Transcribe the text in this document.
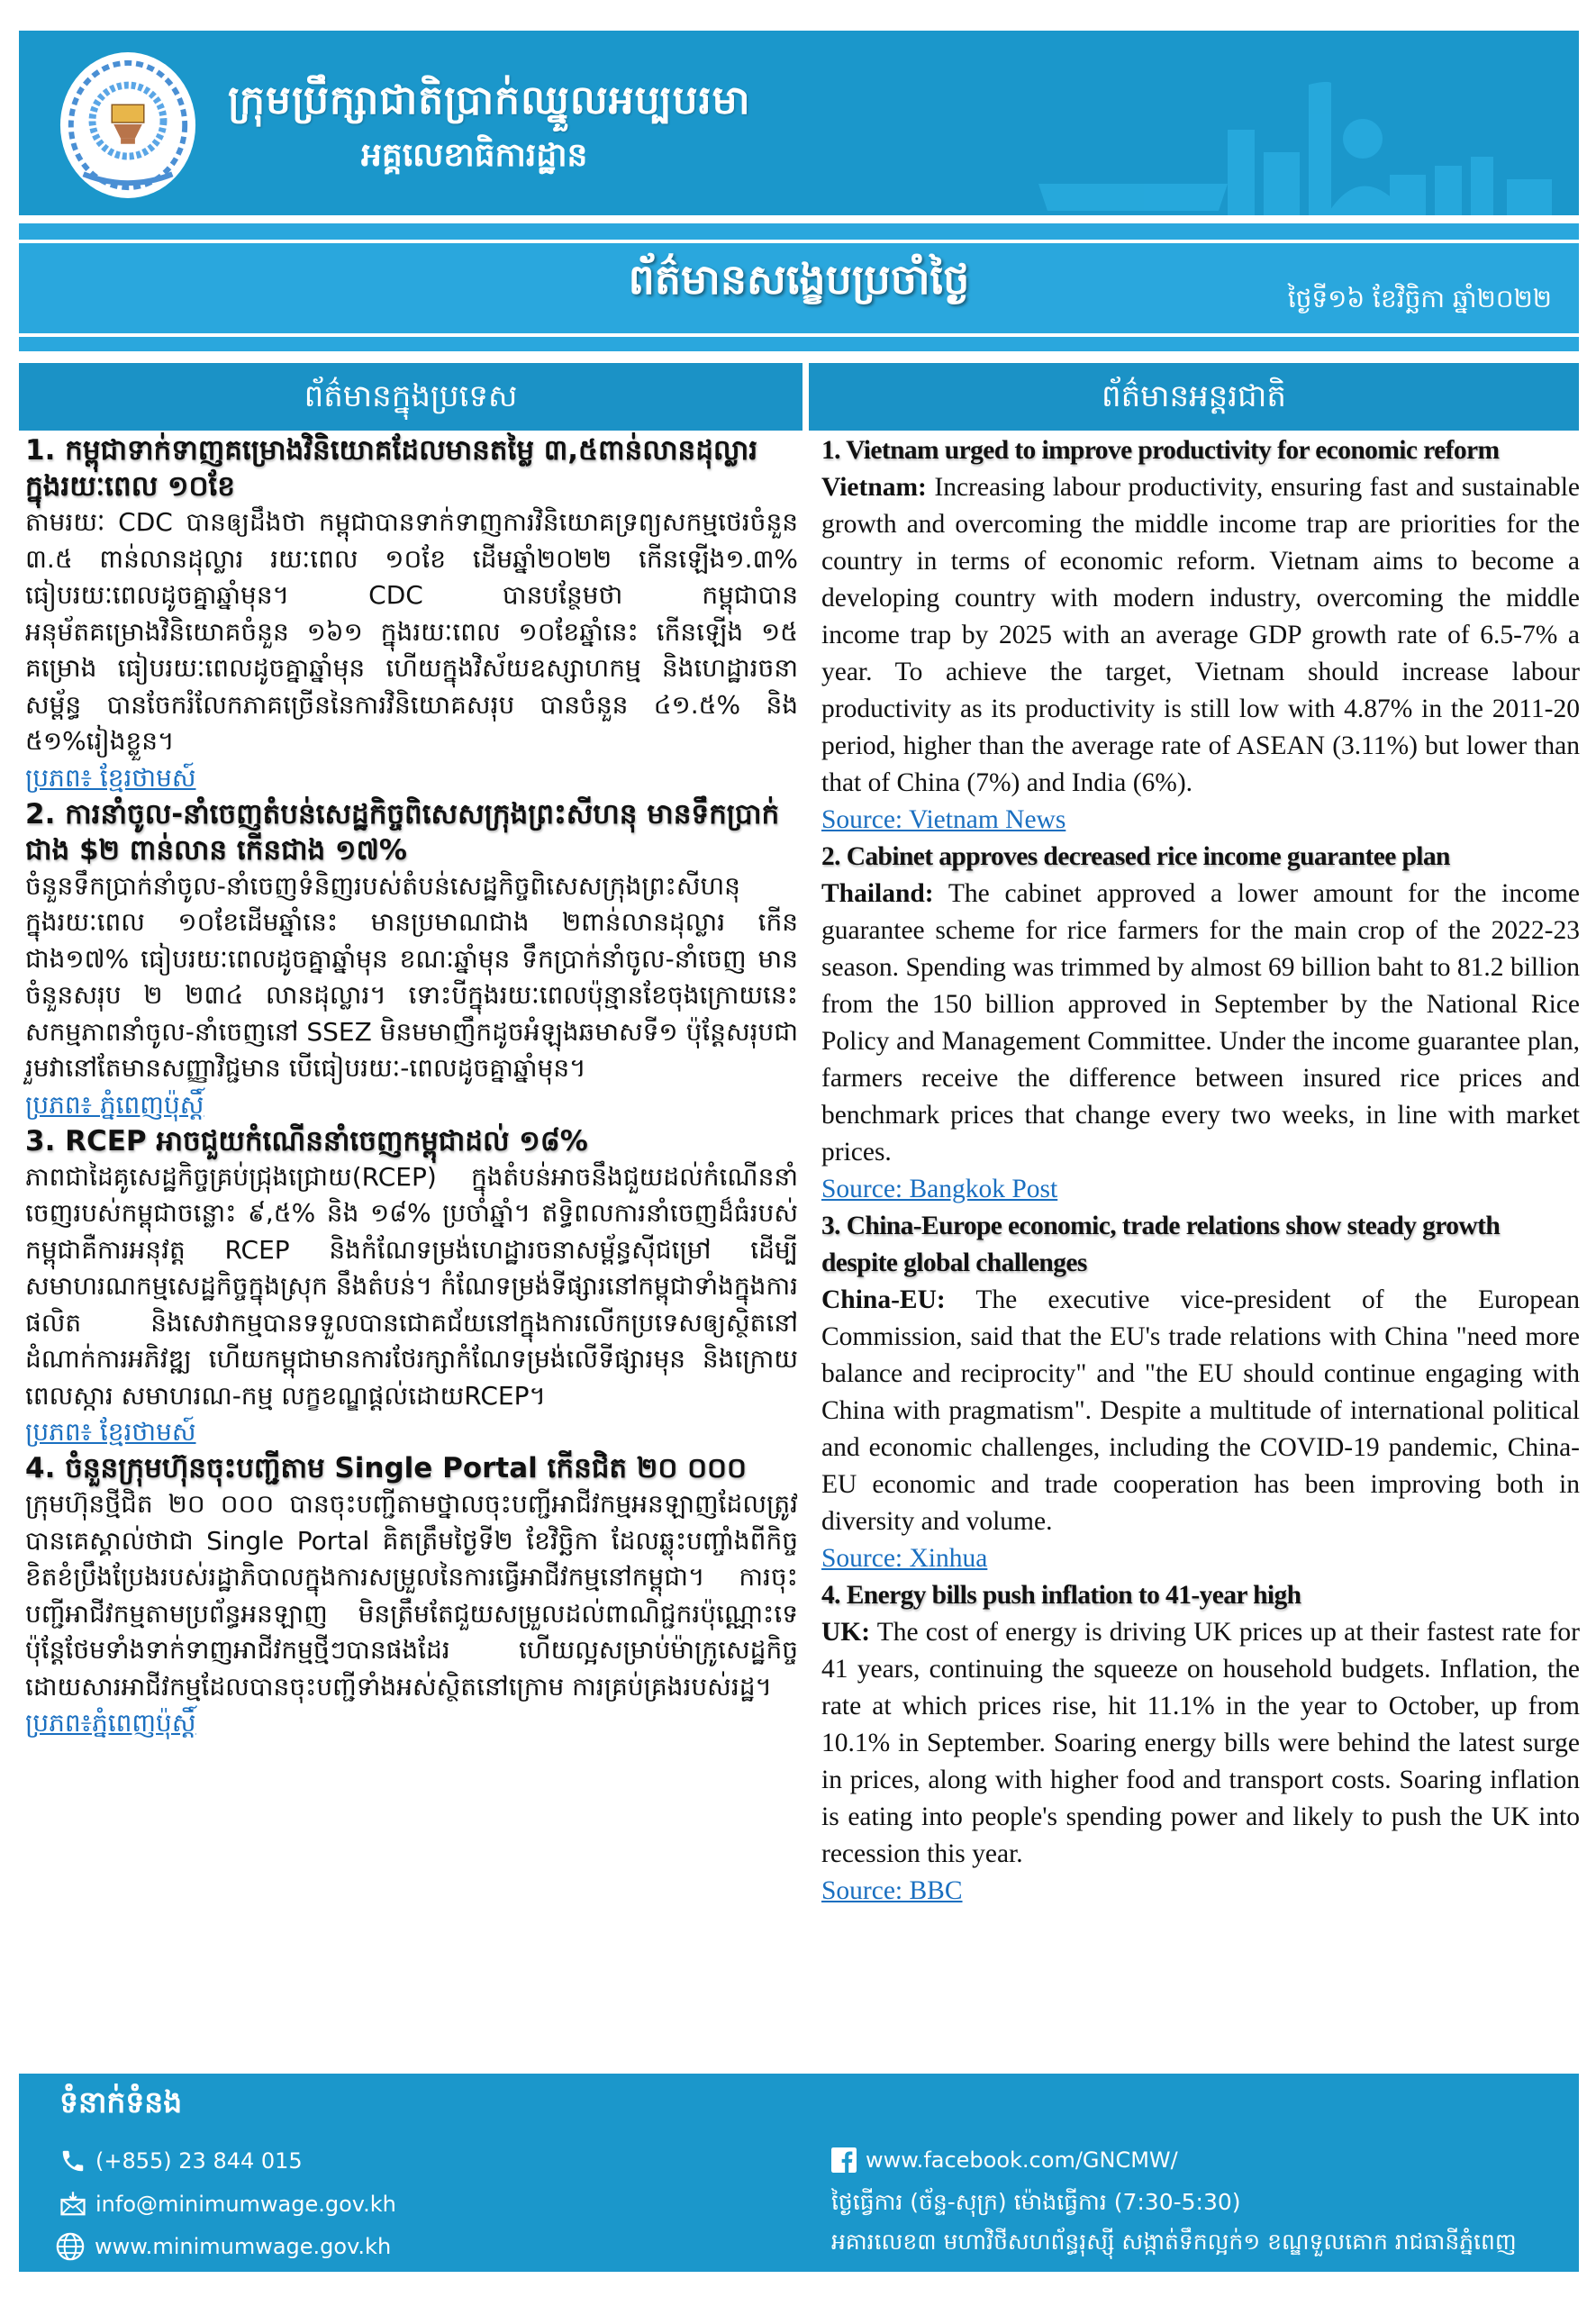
ក្រុមប្រឹក្សាជាតិប្រាក់ឈ្នួលអប្បបរមា
អគ្គលេខាធិការដ្ឋាន
ព័ត៌មានសង្ខេបប្រចាំថ្ងៃ	ថ្ងៃទី១៦ ខែវិច្ឆិកា ឆ្នាំ២០២២
ព័ត៌មានក្នុងប្រទេស	ព័ត៌មានអន្តរជាតិ

1. កម្ពុជាទាក់ទាញគម្រោងវិនិយោគដែលមានតម្លៃ ៣,៥ពាន់លានដុល្លារ ក្នុងរយៈពេល ១០ខែ

តាមរយៈ CDC បានឲ្យដឹងថា កម្ពុជាបានទាក់ទាញការវិនិយោគទ្រព្យសកម្មថេរចំនួន ៣.៥ ពាន់លានដុល្លារ រយៈពេល ១០ខែ ដើមឆ្នាំ២០២២ កើនឡើង១.៣% ធៀបរយៈពេលដូចគ្នាឆ្នាំមុន។ CDC បានបន្ថែមថា កម្ពុជាបានអនុម័តគម្រោងវិនិយោគចំនួន ១៦១ ក្នុងរយៈពេល ១០ខែឆ្នាំនេះ កើនឡើង ១៥ គម្រោង ធៀបរយៈពេលដូចគ្នាឆ្នាំមុន ហើយក្នុងវិស័យឧស្សាហកម្ម និងហេដ្ឋារចនាសម្ព័ន្ធ បានចែករំលែកភាគច្រើននៃការវិនិយោគសរុប បានចំនួន ៤១.៥% និង ៥១%រៀងខ្លួន។

ប្រភព៖ ខ្មែរថាមស៍

2. ការនាំចូល-នាំចេញតំបន់សេដ្ឋកិច្ចពិសេសក្រុងព្រះសីហនុ មានទឹកប្រាក់ជាង $២ ពាន់លាន កើនជាង ១៧%

ចំនួនទឹកប្រាក់នាំចូល-នាំចេញទំនិញរបស់តំបន់សេដ្ឋកិច្ចពិសេសក្រុងព្រះសីហនុ ក្នុងរយៈពេល ១០ខែដើមឆ្នាំនេះ មានប្រមាណជាង ២ពាន់លានដុល្លារ កើនជាង១៧% ធៀបរយៈពេលដូចគ្នាឆ្នាំមុន ខណៈឆ្នាំមុន ទឹកប្រាក់នាំចូល-នាំចេញ មានចំនួនសរុប ២ ២៣៤ លានដុល្លារ។ ទោះបីក្នុងរយៈពេលប៉ុន្មានខែចុងក្រោយនេះ សកម្មភាពនាំចូល-នាំចេញនៅ SSEZ មិនមមាញឹកដូចអំឡុងឆមាសទី១ ប៉ុន្តែសរុបជារួមវានៅតែមានសញ្ញាវិជ្ជមាន បើធៀបរយៈ-ពេលដូចគ្នាឆ្នាំមុន។

ប្រភព៖ ភ្នំពេញប៉ុស្តិ៍

3. RCEP អាចជួយកំណើននាំចេញកម្ពុជាដល់ ១៨%

ភាពជាដៃគូសេដ្ឋកិច្ចគ្រប់ជ្រុងជ្រោយ(RCEP) ក្នុងតំបន់អាចនឹងជួយដល់កំណើននាំចេញរបស់កម្ពុជាចន្លោះ ៩,៥% និង ១៨% ប្រចាំឆ្នាំ។ ឥទ្ធិពលការនាំចេញដ៏ធំរបស់កម្ពុជាគឺការអនុវត្ត RCEP និងកំណែទម្រង់ហេដ្ឋារចនាសម្ព័ន្ធស៊ីជម្រៅ ដើម្បីសមាហរណកម្មសេដ្ឋកិច្ចក្នុងស្រុក នឹងតំបន់។ កំណែទម្រង់ទីផ្សារនៅកម្ពុជាទាំងក្នុងការផលិត និងសេវាកម្មបានទទួលបានជោគជ័យនៅក្នុងការលើកប្រទេសឲ្យស្ថិតនៅដំណាក់ការអភិវឌ្ឍ ហើយកម្ពុជាមានការថែរក្សាកំណែទម្រង់លើទីផ្សារមុន និងក្រោយពេលស្ការ សមាហរណ-កម្ម លក្ខខណ្ឌផ្តល់ដោយRCEP។

ប្រភព៖ ខ្មែរថាមស៍

4. ចំនួនក្រុមហ៊ុនចុះបញ្ជីតាម Single Portal កើនជិត ២០ ០០០

ក្រុមហ៊ុនថ្មីជិត ២០ ០០០ បានចុះបញ្ជីតាមថ្នាលចុះបញ្ជីអាជីវកម្មអនឡាញដែលត្រូវបានគេស្គាល់ថាជា Single Portal គិតត្រឹមថ្ងៃទី២ ខែវិច្ឆិកា ដែលឆ្លុះបញ្ចាំងពីកិច្ចខិតខំប្រឹងប្រែងរបស់រដ្ឋាភិបាលក្នុងការសម្រួលនៃការធ្វើអាជីវកម្មនៅកម្ពុជា។ ការចុះបញ្ជីអាជីវកម្មតាមប្រព័ន្ធអនឡាញ មិនត្រឹមតែជួយសម្រួលដល់ពាណិជ្ជករប៉ុណ្ណោះទេ ប៉ុន្តែថែមទាំងទាក់ទាញអាជីវកម្មថ្មីៗបានផងដែរ ហើយល្អសម្រាប់ម៉ាក្រូសេដ្ឋកិច្ច ដោយសារអាជីវកម្មដែលបានចុះបញ្ជីទាំងអស់ស្ថិតនៅក្រោម ការគ្រប់គ្រងរបស់រដ្ឋ។

ប្រភព៖ភ្នំពេញប៉ុស្តិ៍

1. Vietnam urged to improve productivity for economic reform

Vietnam: Increasing labour productivity, ensuring fast and sustainable growth and overcoming the middle income trap are priorities for the country in terms of economic reform. Vietnam aims to become a developing country with modern industry, overcoming the middle income trap by 2025 with an average GDP growth rate of 6.5-7% a year. To achieve the target, Vietnam should increase labour productivity as its productivity is still low with 4.87% in the 2011-20 period, higher than the average rate of ASEAN (3.11%) but lower than that of China (7%) and India (6%).

Source: Vietnam News

2. Cabinet approves decreased rice income guarantee plan

Thailand: The cabinet approved a lower amount for the income guarantee scheme for rice farmers for the main crop of the 2022-23 season. Spending was trimmed by almost 69 billion baht to 81.2 billion from the 150 billion approved in September by the National Rice Policy and Management Committee. Under the income guarantee plan, farmers receive the difference between insured rice prices and benchmark prices that change every two weeks, in line with market prices.

Source: Bangkok Post

3. China-Europe economic, trade relations show steady growth despite global challenges

China-EU: The executive vice-president of the European Commission, said that the EU's trade relations with China "need more balance and reciprocity" and "the EU should continue engaging with China with pragmatism". Despite a multitude of international political and economic challenges, including the COVID-19 pandemic, China-EU economic and trade cooperation has been improving both in diversity and volume.

Source: Xinhua

4. Energy bills push inflation to 41-year high

UK: The cost of energy is driving UK prices up at their fastest rate for 41 years, continuing the squeeze on household budgets. Inflation, the rate at which prices rise, hit 11.1% in the year to October, up from 10.1% in September. Soaring energy bills were behind the latest surge in prices, along with higher food and transport costs. Soaring inflation is eating into people's spending power and likely to push the UK into recession this year.

Source: BBC
ទំនាក់ទំនង
(+855) 23 844 015
info@minimumwage.gov.kh
www.minimumwage.gov.kh
www.facebook.com/GNCMW/
ថ្ងៃធ្វើការ (ច័ន្ទ-សុក្រ) ម៉ោងធ្វើការ (7:30-5:30)
អគារលេខ៣ មហាវិថីសហព័ន្ធរុស្ស៊ី សង្កាត់ទឹកល្អក់១ ខណ្ឌទួលគោក រាជធានីភ្នំពេញ
